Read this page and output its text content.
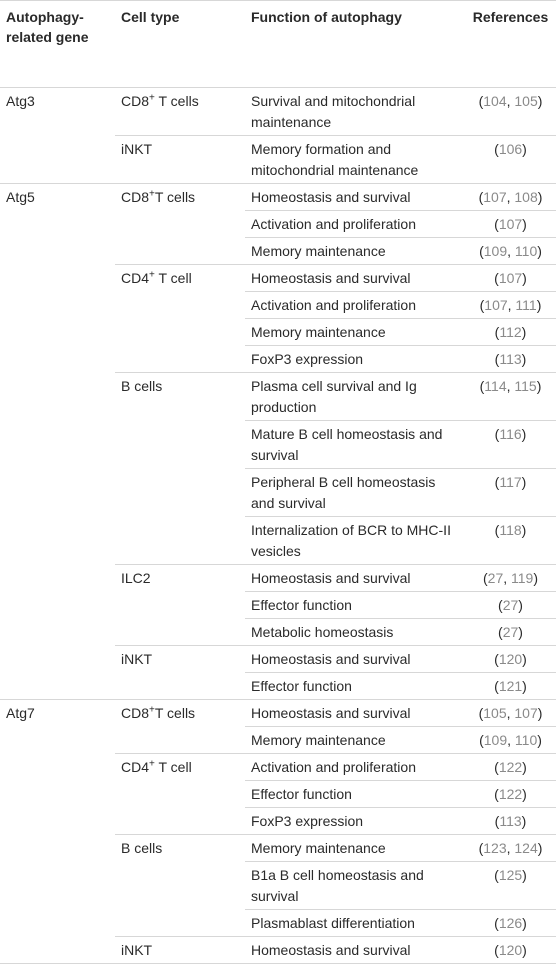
Autophagy-related gene	Cell type	Function of autophagy	References
Atg3	CD8+ T cells	Survival and mitochondrial maintenance	(104, 105)
	iNKT	Memory formation and mitochondrial maintenance	(106)
Atg5	CD8+T cells	Homeostasis and survival	(107, 108)
		Activation and proliferation	(107)
		Memory maintenance	(109, 110)
	CD4+ T cell	Homeostasis and survival	(107)
		Activation and proliferation	(107, 111)
		Memory maintenance	(112)
		FoxP3 expression	(113)
	B cells	Plasma cell survival and Ig production	(114, 115)
		Mature B cell homeostasis and survival	(116)
		Peripheral B cell homeostasis and survival	(117)
		Internalization of BCR to MHC-II vesicles	(118)
	ILC2	Homeostasis and survival	(27, 119)
		Effector function	(27)
		Metabolic homeostasis	(27)
	iNKT	Homeostasis and survival	(120)
		Effector function	(121)
Atg7	CD8+T cells	Homeostasis and survival	(105, 107)
		Memory maintenance	(109, 110)
	CD4+ T cell	Activation and proliferation	(122)
		Effector function	(122)
		FoxP3 expression	(113)
	B cells	Memory maintenance	(123, 124)
		B1a B cell homeostasis and survival	(125)
		Plasmablast differentiation	(126)
	iNKT	Homeostasis and survival	(120)
